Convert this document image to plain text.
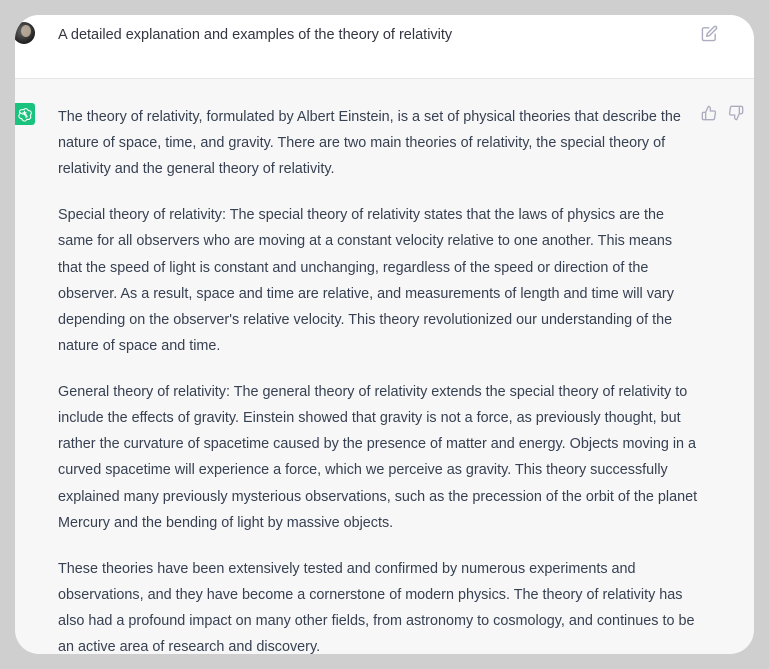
A detailed explanation and examples of the theory of relativity

The theory of relativity, formulated by Albert Einstein, is a set of physical theories that describe the nature of space, time, and gravity. There are two main theories of relativity, the special theory of relativity and the general theory of relativity.

Special theory of relativity: The special theory of relativity states that the laws of physics are the same for all observers who are moving at a constant velocity relative to one another. This means that the speed of light is constant and unchanging, regardless of the speed or direction of the observer. As a result, space and time are relative, and measurements of length and time will vary depending on the observer's relative velocity. This theory revolutionized our understanding of the nature of space and time.

General theory of relativity: The general theory of relativity extends the special theory of relativity to include the effects of gravity. Einstein showed that gravity is not a force, as previously thought, but rather the curvature of spacetime caused by the presence of matter and energy. Objects moving in a curved spacetime will experience a force, which we perceive as gravity. This theory successfully explained many previously mysterious observations, such as the precession of the orbit of the planet Mercury and the bending of light by massive objects.

These theories have been extensively tested and confirmed by numerous experiments and observations, and they have become a cornerstone of modern physics. The theory of relativity has also had a profound impact on many other fields, from astronomy to cosmology, and continues to be an active area of research and discovery.
